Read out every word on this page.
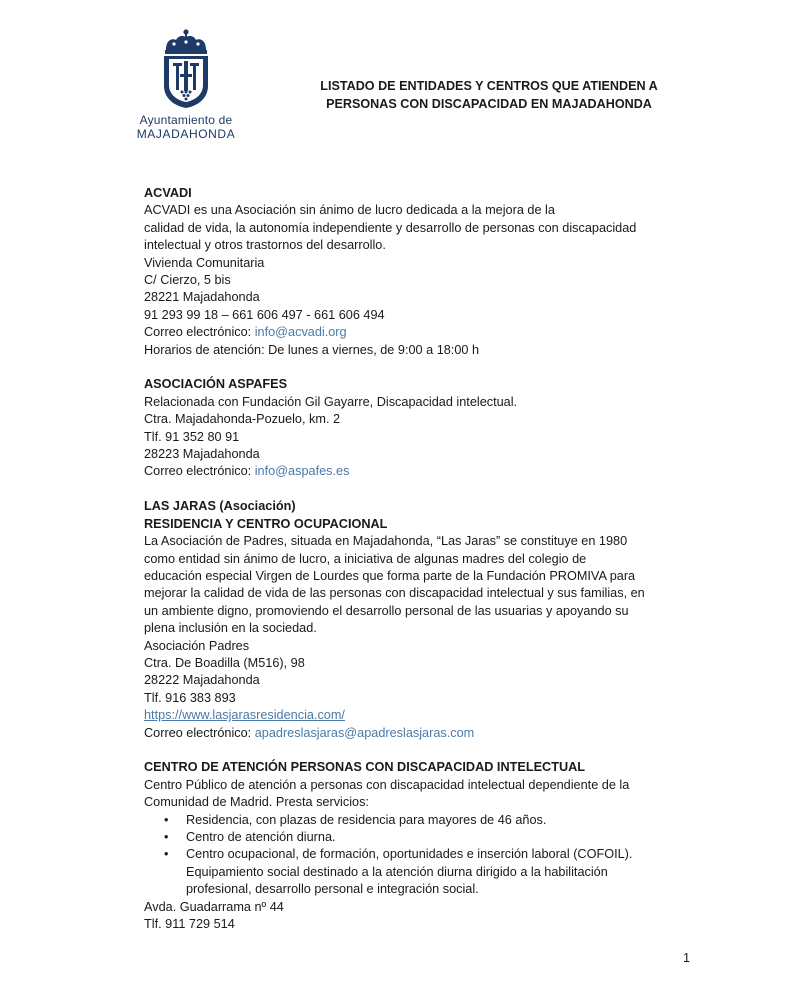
Ayuntamiento de
MAJADAHONDA
LISTADO DE ENTIDADES Y CENTROS QUE ATIENDEN A
PERSONAS CON DISCAPACIDAD EN MAJADAHONDA
ACVADI
ACVADI es una Asociación sin ánimo de lucro dedicada a la mejora de la
calidad de vida, la autonomía independiente y desarrollo de personas con discapacidad
intelectual y otros trastornos del desarrollo.
Vivienda Comunitaria
C/ Cierzo, 5 bis
28221 Majadahonda
91 293 99 18 – 661 606 497 - 661 606 494
Correo electrónico: info@acvadi.org
Horarios de atención: De lunes a viernes, de 9:00 a 18:00 h
ASOCIACIÓN ASPAFES
Relacionada con Fundación Gil Gayarre, Discapacidad intelectual.
Ctra. Majadahonda-Pozuelo, km. 2
Tlf. 91 352 80 91
28223 Majadahonda
Correo electrónico: info@aspafes.es
LAS JARAS (Asociación)
RESIDENCIA Y CENTRO OCUPACIONAL
La Asociación de Padres, situada en Majadahonda, “Las Jaras” se constituye en 1980
como entidad sin ánimo de lucro, a iniciativa de algunas madres del colegio de
educación especial Virgen de Lourdes que forma parte de la Fundación PROMIVA para
mejorar la calidad de vida de las personas con discapacidad intelectual y sus familias, en
un ambiente digno, promoviendo el desarrollo personal de las usuarias y apoyando su
plena inclusión en la sociedad.
Asociación Padres
Ctra. De Boadilla (M516), 98
28222 Majadahonda
Tlf. 916 383 893
https://www.lasjarasresidencia.com/
Correo electrónico: apadreslasjaras@apadreslasjaras.com
CENTRO DE ATENCIÓN PERSONAS CON DISCAPACIDAD INTELECTUAL
Centro Público de atención a personas con discapacidad intelectual dependiente de la
Comunidad de Madrid. Presta servicios:
• Residencia, con plazas de residencia para mayores de 46 años.
• Centro de atención diurna.
• Centro ocupacional, de formación, oportunidades e inserción laboral (COFOIL).
Equipamiento social destinado a la atención diurna dirigido a la habilitación
profesional, desarrollo personal e integración social.
Avda. Guadarrama nº 44
Tlf. 911 729 514
1
